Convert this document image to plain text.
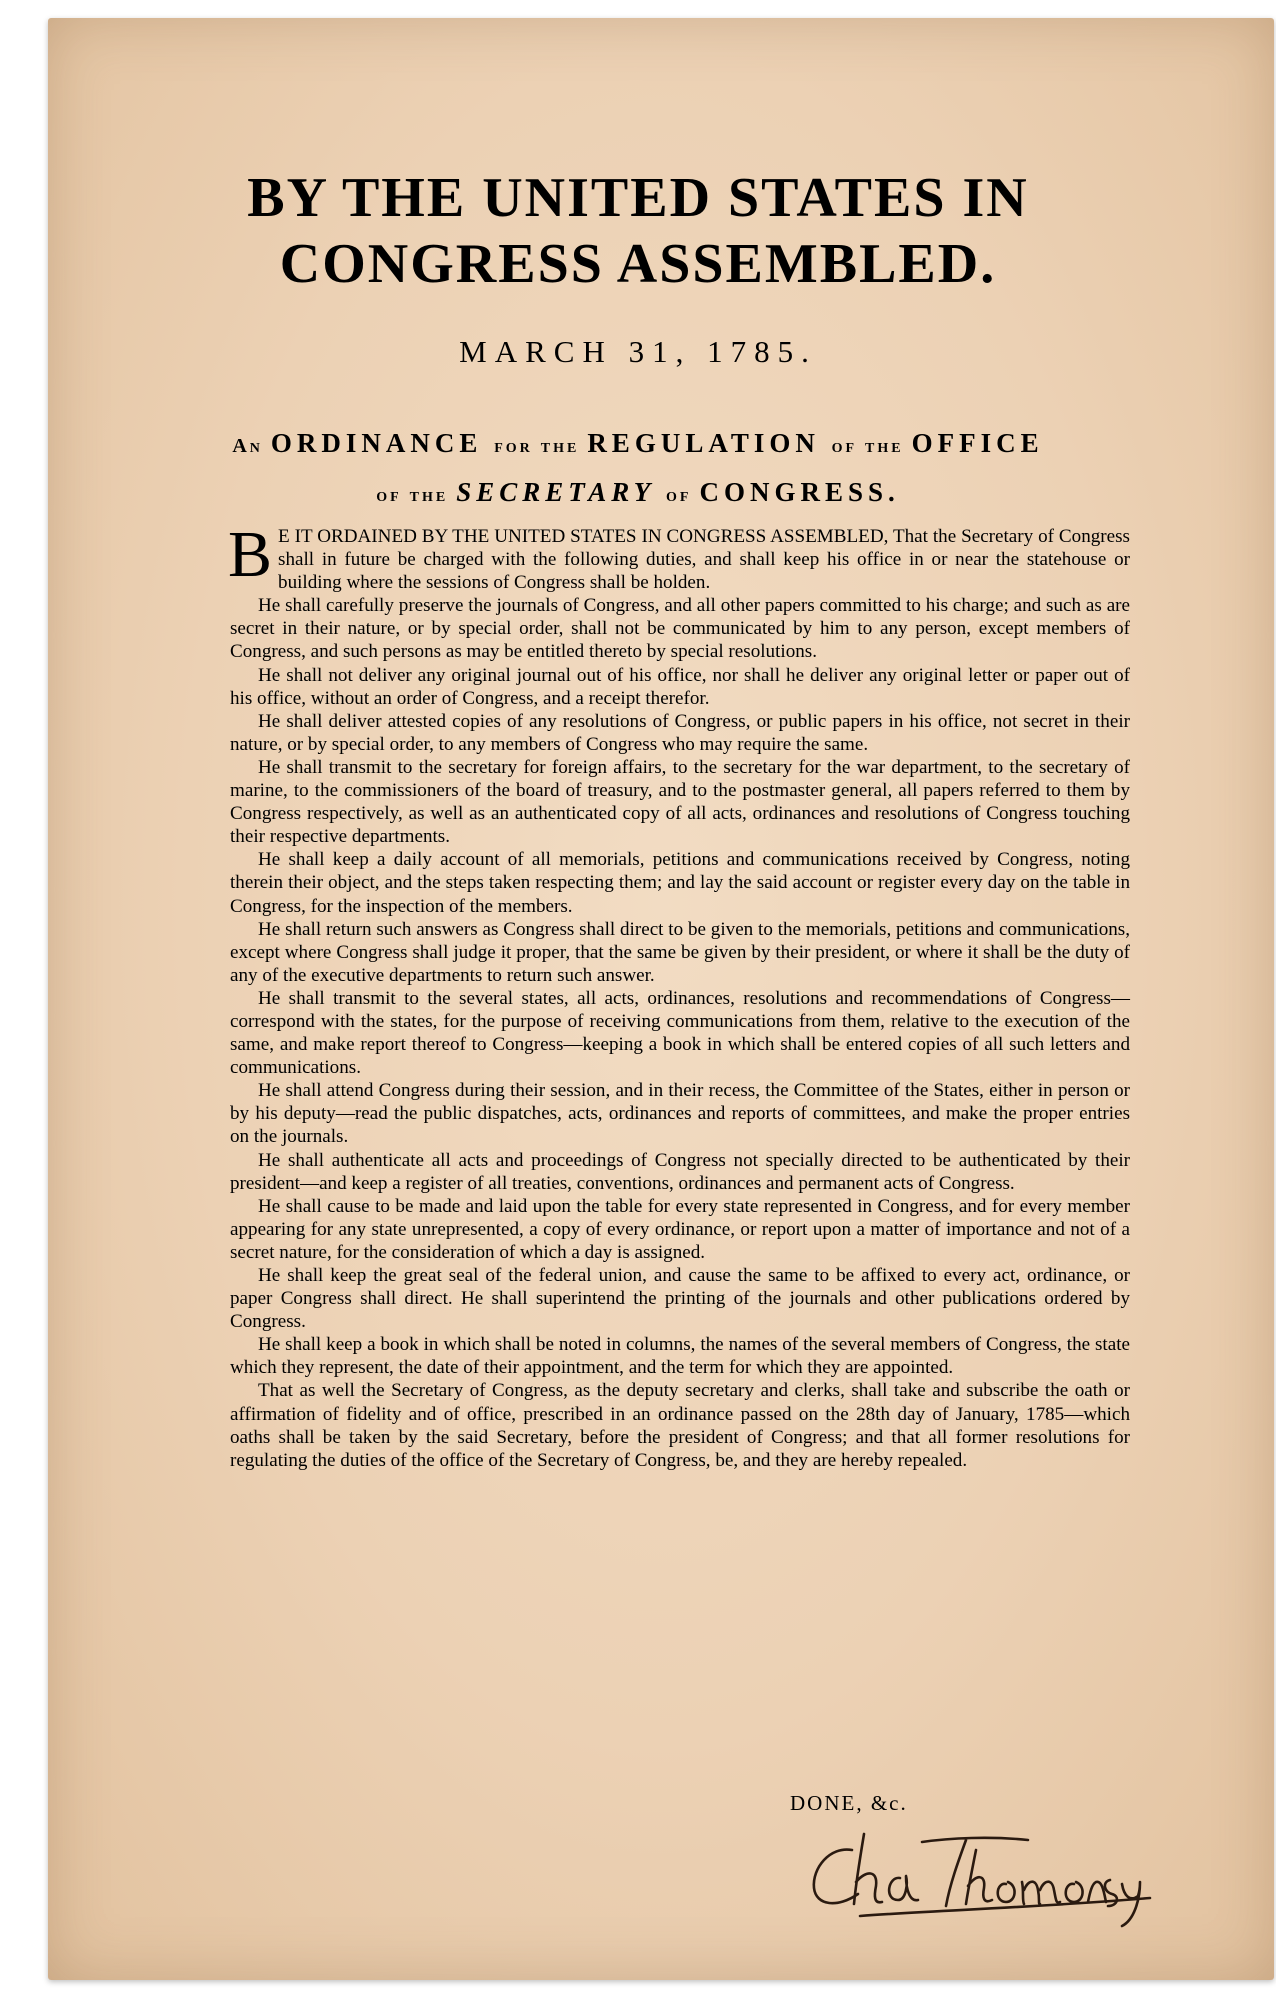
BY THE UNITED STATES IN
CONGRESS ASSEMBLED.

MARCH 31, 1785.

An ORDINANCE for the REGULATION of the OFFICE
of the SECRETARY of CONGRESS.

B E IT ORDAINED BY THE UNITED STATES IN CONGRESS ASSEMBLED, That the Secretary of Congress shall in future be charged with the following duties, and shall keep his office in or near the statehouse or building where the sessions of Congress shall be holden.

He shall carefully preserve the journals of Congress, and all other papers committed to his charge; and such as are secret in their nature, or by special order, shall not be communicated by him to any person, except members of Congress, and such persons as may be entitled thereto by special resolutions.

He shall not deliver any original journal out of his office, nor shall he deliver any original letter or paper out of his office, without an order of Congress, and a receipt therefor.

He shall deliver attested copies of any resolutions of Congress, or public papers in his office, not secret in their nature, or by special order, to any members of Congress who may require the same.

He shall transmit to the secretary for foreign affairs, to the secretary for the war department, to the secretary of marine, to the commissioners of the board of treasury, and to the postmaster general, all papers referred to them by Congress respectively, as well as an authenticated copy of all acts, ordinances and resolutions of Congress touching their respective departments.

He shall keep a daily account of all memorials, petitions and communications received by Congress, noting therein their object, and the steps taken respecting them; and lay the said account or register every day on the table in Congress, for the inspection of the members.

He shall return such answers as Congress shall direct to be given to the memorials, petitions and communications, except where Congress shall judge it proper, that the same be given by their president, or where it shall be the duty of any of the executive departments to return such answer.

He shall transmit to the several states, all acts, ordinances, resolutions and recommendations of Congress—correspond with the states, for the purpose of receiving communications from them, relative to the execution of the same, and make report thereof to Congress—keeping a book in which shall be entered copies of all such letters and communications.

He shall attend Congress during their session, and in their recess, the Committee of the States, either in person or by his deputy—read the public dispatches, acts, ordinances and reports of committees, and make the proper entries on the journals.

He shall authenticate all acts and proceedings of Congress not specially directed to be authenticated by their president—and keep a register of all treaties, conventions, ordinances and permanent acts of Congress.

He shall cause to be made and laid upon the table for every state represented in Congress, and for every member appearing for any state unrepresented, a copy of every ordinance, or report upon a matter of importance and not of a secret nature, for the consideration of which a day is assigned.

He shall keep the great seal of the federal union, and cause the same to be affixed to every act, ordinance, or paper Congress shall direct. He shall superintend the printing of the journals and other publications ordered by Congress.

He shall keep a book in which shall be noted in columns, the names of the several members of Congress, the state which they represent, the date of their appointment, and the term for which they are appointed.

That as well the Secretary of Congress, as the deputy secretary and clerks, shall take and subscribe the oath or affirmation of fidelity and of office, prescribed in an ordinance passed on the 28th day of January, 1785—which oaths shall be taken by the said Secretary, before the president of Congress; and that all former resolutions for regulating the duties of the office of the Secretary of Congress, be, and they are hereby repealed.

DONE, &c.
